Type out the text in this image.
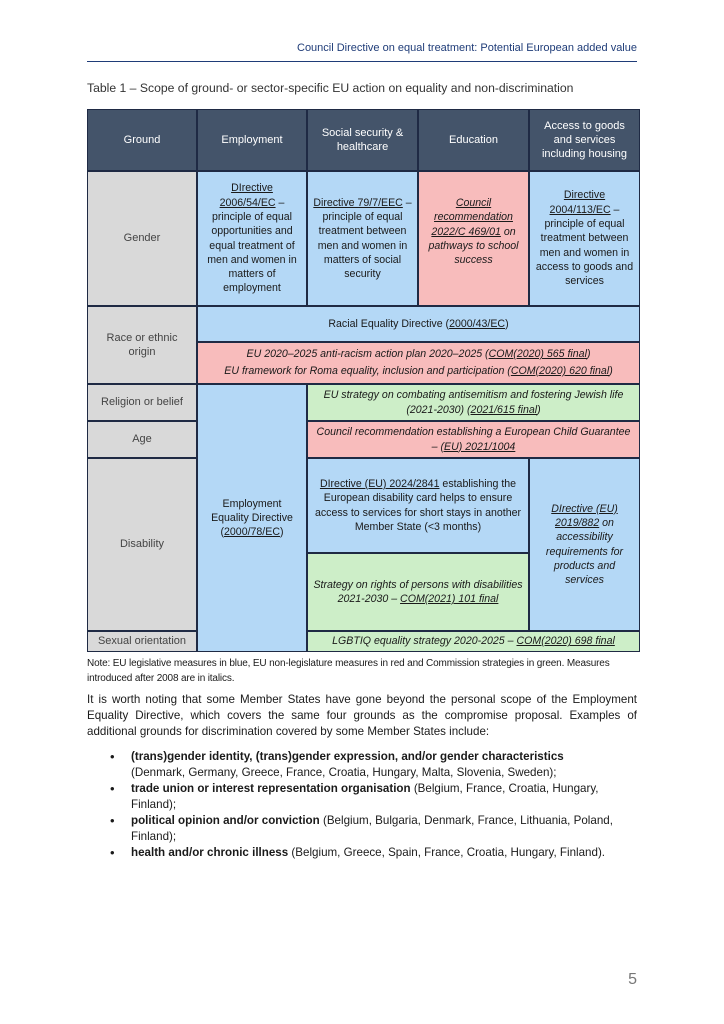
Council Directive on equal treatment: Potential European added value
Table 1 – Scope of ground- or sector-specific EU action on equality and non-discrimination
Ground	Employment
Social security & healthcare
Education
Access to goods and services including housing
Gender
DIrective 2006/54/EC – principle of equal opportunities and equal treatment of men and women in matters of employment
Directive 79/7/EEC – principle of equal treatment between men and women in matters of social security
Council recommendation 2022/C 469/01 on pathways to school success
Directive 2004/113/EC – principle of equal treatment between men and women in access to goods and services
Race or ethnic origin
Racial Equality Directive (2000/43/EC)
EU 2020–2025 anti-racism action plan 2020–2025 (COM(2020) 565 final)
EU framework for Roma equality, inclusion and participation (COM(2020) 620 final)
Religion or belief
Employment Equality Directive (2000/78/EC)
EU strategy on combating antisemitism and fostering Jewish life (2021-2030) (2021/615 final)
Age
Council recommendation establishing a European Child Guarantee – (EU) 2021/1004
Disability
DIrective (EU) 2024/2841 establishing the European disability card helps to ensure access to services for short stays in another Member State (<3 months)
Strategy on rights of persons with disabilities 2021-2030 – COM(2021) 101 final
DIrective (EU) 2019/882 on accessibility requirements for products and services
Sexual orientation	LGBTIQ equality strategy 2020-2025 – COM(2020) 698 final
Note: EU legislative measures in blue, EU non-legislature measures in red and Commission strategies in green. Measures introduced after 2008 are in italics.
It is worth noting that some Member States have gone beyond the personal scope of the Employment Equality Directive, which covers the same four grounds as the compromise proposal. Examples of additional grounds for discrimination covered by some Member States include:
• (trans)gender identity, (trans)gender expression, and/or gender characteristics (Denmark, Germany, Greece, France, Croatia, Hungary, Malta, Slovenia, Sweden);
• trade union or interest representation organisation (Belgium, France, Croatia, Hungary, Finland);
• political opinion and/or conviction (Belgium, Bulgaria, Denmark, France, Lithuania, Poland, Finland);
• health and/or chronic illness (Belgium, Greece, Spain, France, Croatia, Hungary, Finland).
5
